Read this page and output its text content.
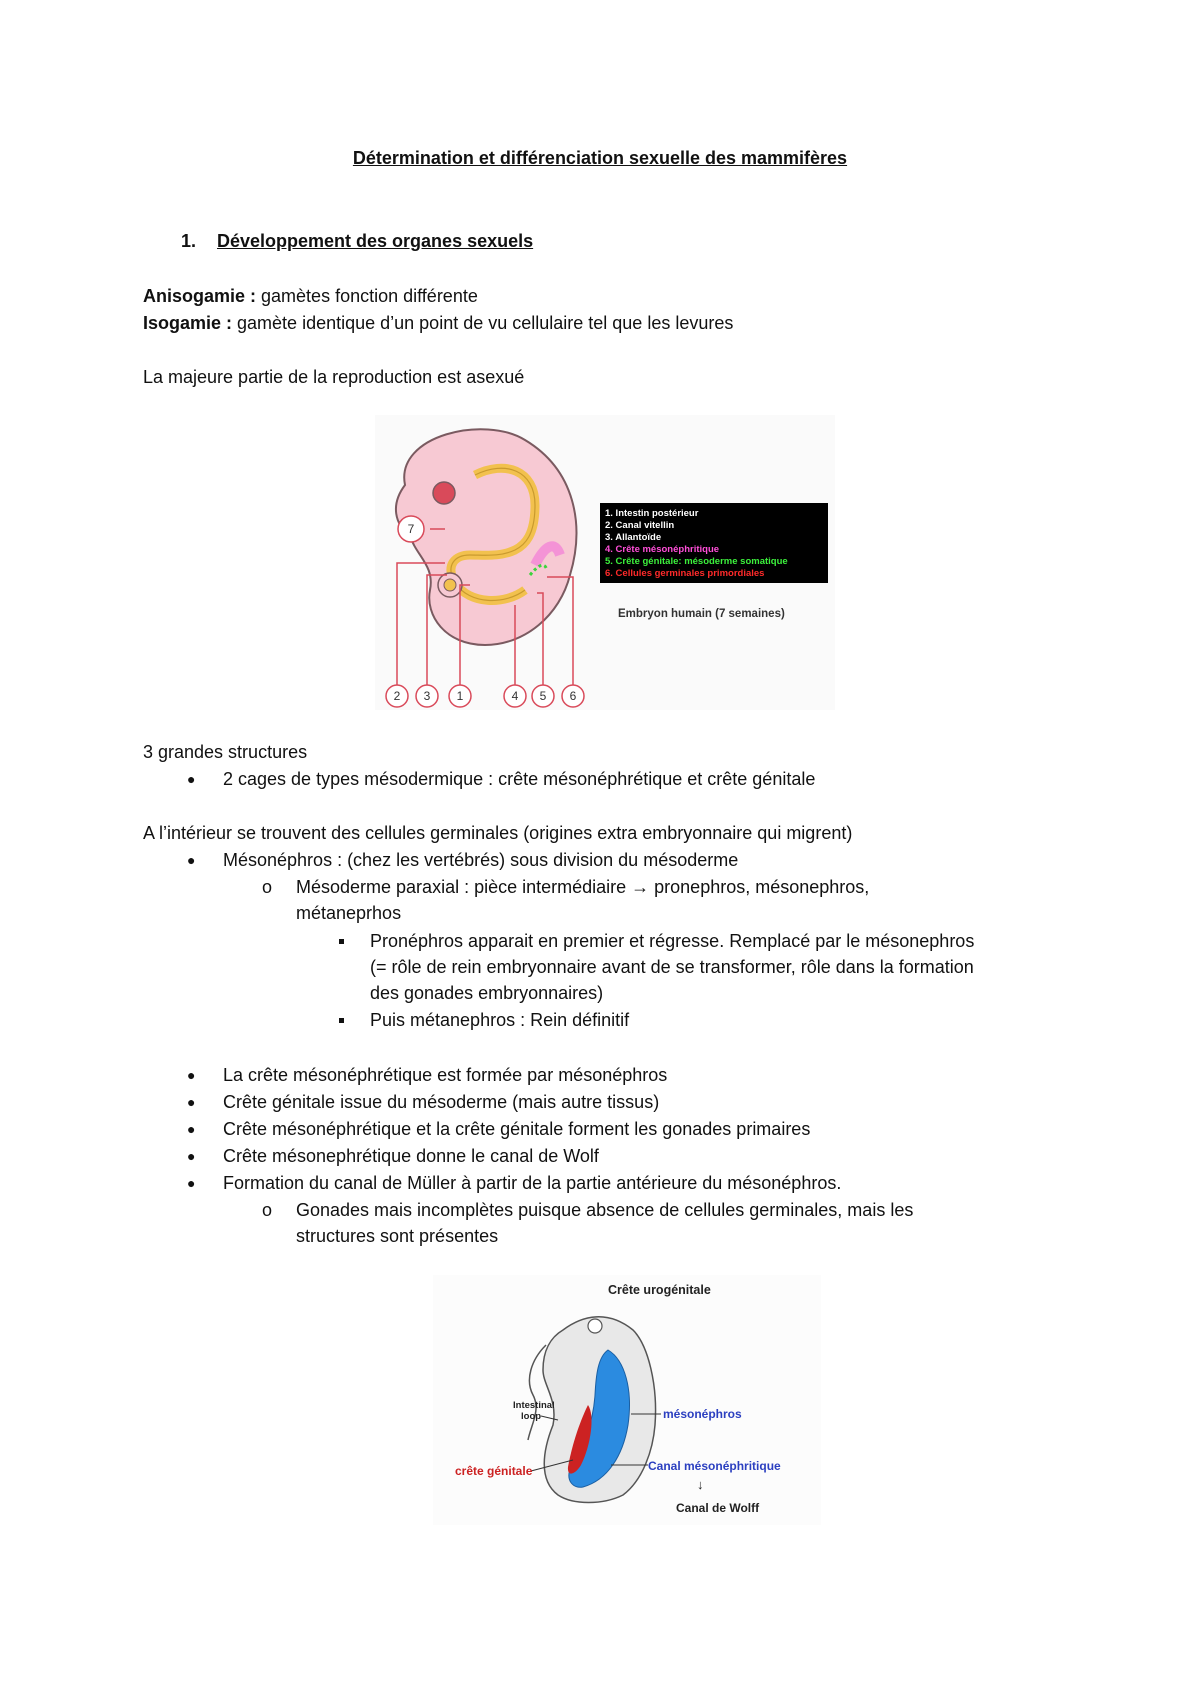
Détermination et différenciation sexuelle des mammifères
1. Développement des organes sexuels
Anisogamie : gamètes fonction différente
Isogamie : gamète identique d’un point de vu cellulaire tel que les levures
La majeure partie de la reproduction est asexué
7
2 3 1	4 5 6
1. Intestin postérieur
2. Canal vitellin
3. Allantoïde
4. Crête mésonéphritique
5. Crête génitale: mésoderme somatique
6. Cellules germinales primordiales
Embryon humain (7 semaines)
3 grandes structures
● 2 cages de types mésodermique : crête mésonéphrétique et crête génitale
A l’intérieur se trouvent des cellules germinales (origines extra embryonnaire qui migrent)
● Mésonéphros : (chez les vertébrés) sous division du mésoderme
o Mésoderme paraxial : pièce intermédiaire → pronephros, mésonephros,
métaneprhos
Pronéphros apparait en premier et régresse. Remplacé par le mésonephros
(= rôle de rein embryonnaire avant de se transformer, rôle dans la formation
des gonades embryonnaires)
Puis métanephros : Rein définitif
● La crête mésonéphrétique est formée par mésonéphros
● Crête génitale issue du mésoderme (mais autre tissus)
● Crête mésonéphrétique et la crête génitale forment les gonades primaires
● Crête mésonephrétique donne le canal de Wolf
● Formation du canal de Müller à partir de la partie antérieure du mésonéphros.
o Gonades mais incomplètes puisque absence de cellules germinales, mais les
structures sont présentes
Crête urogénitale
Intestinal
loop	mésonéphros
crête génitale	Canal mésonéphritique
↓
Canal de Wolff
